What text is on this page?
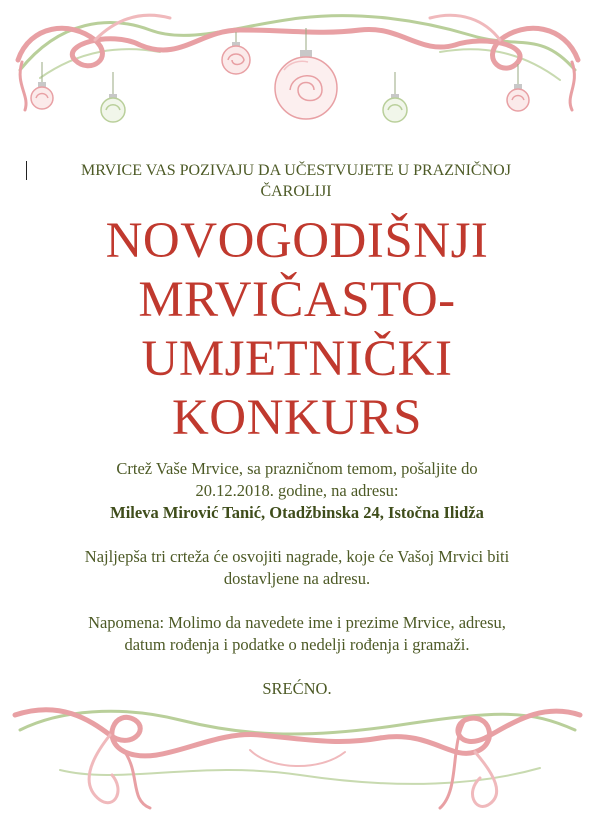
MRVICE VAS POZIVAJU DA UČESTVUJETE U PRAZNIČNOJ
ČAROLIJI
NOVOGODIŠNJI
MRVIČASTO-
UMJETNIČKI
KONKURS

Crtež Vaše Mrvice, sa prazničnom temom, pošaljite do

20.12.2018. godine, na adresu:

Mileva Mirović Tanić, Otadžbinska 24, Istočna Ilidža

Najljepša tri crteža će osvojiti nagrade, koje će Vašoj Mrvici biti

dostavljene na adresu.

Napomena: Molimo da navedete ime i prezime Mrvice, adresu,

datum rođenja i podatke o nedelji rođenja i gramaži.

SREĆNO.
